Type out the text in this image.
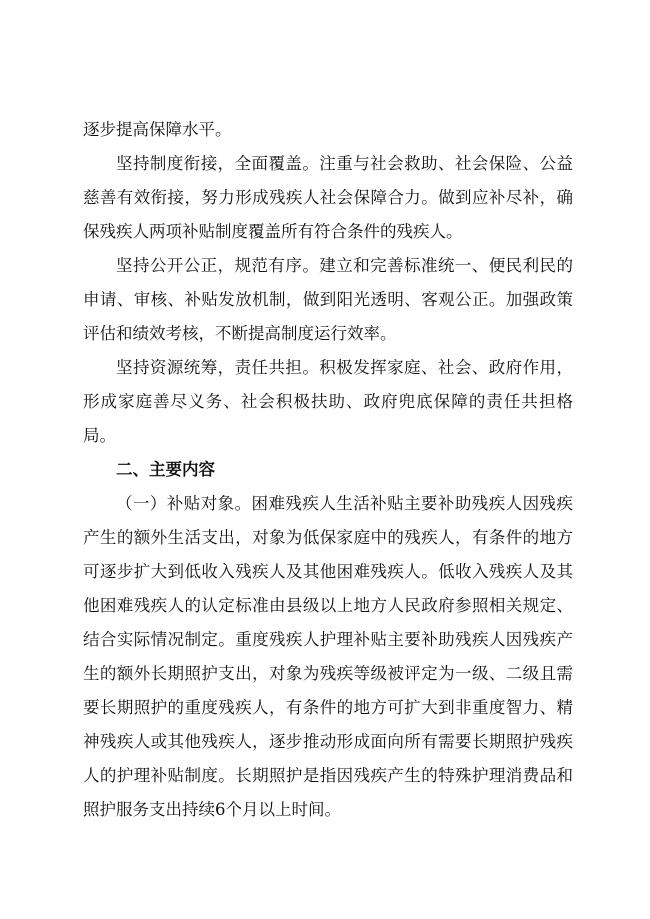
逐步提高保障水平。

坚持制度衔接，全面覆盖。注重与社会救助、社会保险、公益慈善有效衔接，努力形成残疾人社会保障合力。做到应补尽补，确保残疾人两项补贴制度覆盖所有符合条件的残疾人。

坚持公开公正，规范有序。建立和完善标准统一、便民利民的申请、审核、补贴发放机制，做到阳光透明、客观公正。加强政策评估和绩效考核，不断提高制度运行效率。

坚持资源统筹，责任共担。积极发挥家庭、社会、政府作用，形成家庭善尽义务、社会积极扶助、政府兜底保障的责任共担格局。

二、主要内容

（一）补贴对象。困难残疾人生活补贴主要补助残疾人因残疾产生的额外生活支出，对象为低保家庭中的残疾人，有条件的地方可逐步扩大到低收入残疾人及其他困难残疾人。低收入残疾人及其他困难残疾人的认定标准由县级以上地方人民政府参照相关规定、结合实际情况制定。重度残疾人护理补贴主要补助残疾人因残疾产生的额外长期照护支出，对象为残疾等级被评定为一级、二级且需要长期照护的重度残疾人，有条件的地方可扩大到非重度智力、精神残疾人或其他残疾人，逐步推动形成面向所有需要长期照护残疾人的护理补贴制度。长期照护是指因残疾产生的特殊护理消费品和照护服务支出持续6个月以上时间。
